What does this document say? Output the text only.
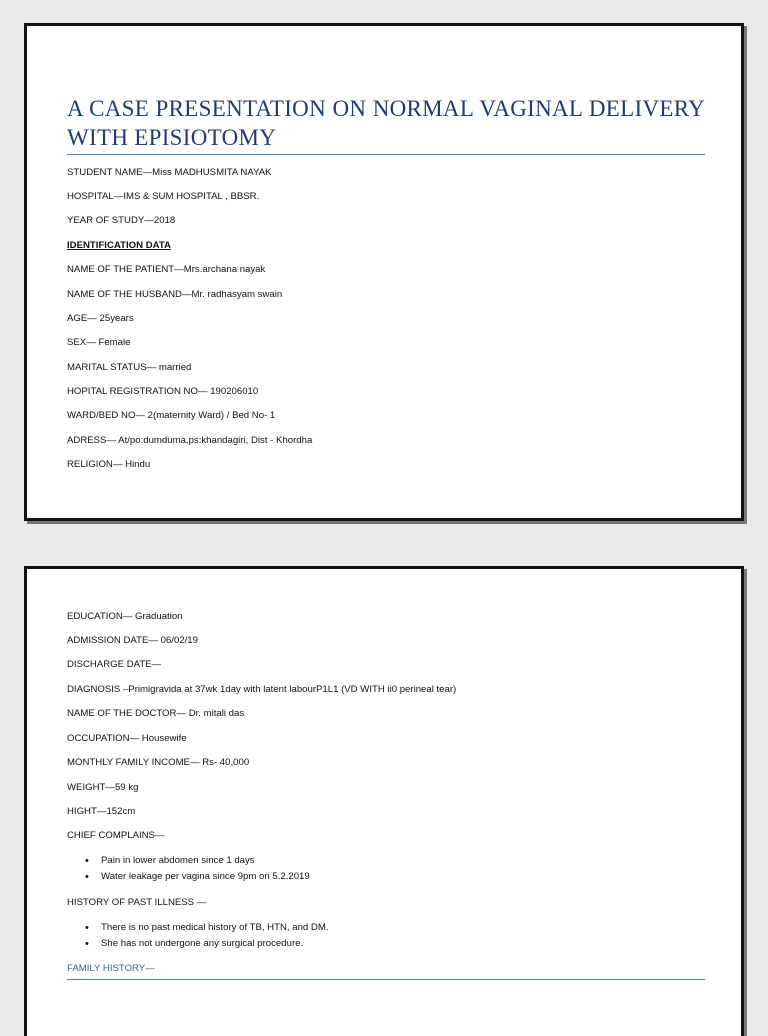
A CASE PRESENTATION ON NORMAL VAGINAL DELIVERY WITH EPISIOTOMY
STUDENT NAME—Miss MADHUSMITA NAYAK
HOSPITAL—IMS & SUM HOSPITAL , BBSR.
YEAR OF STUDY—2018
IDENTIFICATION DATA
NAME OF THE PATIENT—Mrs.archana nayak
NAME OF THE HUSBAND—Mr. radhasyam swain
AGE— 25years
SEX— Female
MARITAL STATUS— married
HOPITAL REGISTRATION NO— 190206010
WARD/BED NO— 2(maternity Ward) / Bed No- 1
ADRESS— At/po:dumduma,ps:khandagiri, Dist - Khordha
RELIGION— Hindu
EDUCATION— Graduation
ADMISSION DATE— 06/02/19
DISCHARGE DATE—
DIAGNOSIS –Primigravida at 37wk 1day with latent labourP1L1 (VD WITH ii0 perineal tear)
NAME OF THE DOCTOR— Dr. mitali das
OCCUPATION— Housewife
MONTHLY FAMILY INCOME— Rs- 40,000
WEIGHT—59 kg
HIGHT—152cm
CHIEF COMPLAINS—
• Pain in lower abdomen since 1 days
• Water leakage per vagina since 9pm on 5.2.2019
HISTORY OF PAST ILLNESS —
• There is no past medical history of TB, HTN, and DM.
• She has not undergone any surgical procedure.
FAMILY HISTORY—
